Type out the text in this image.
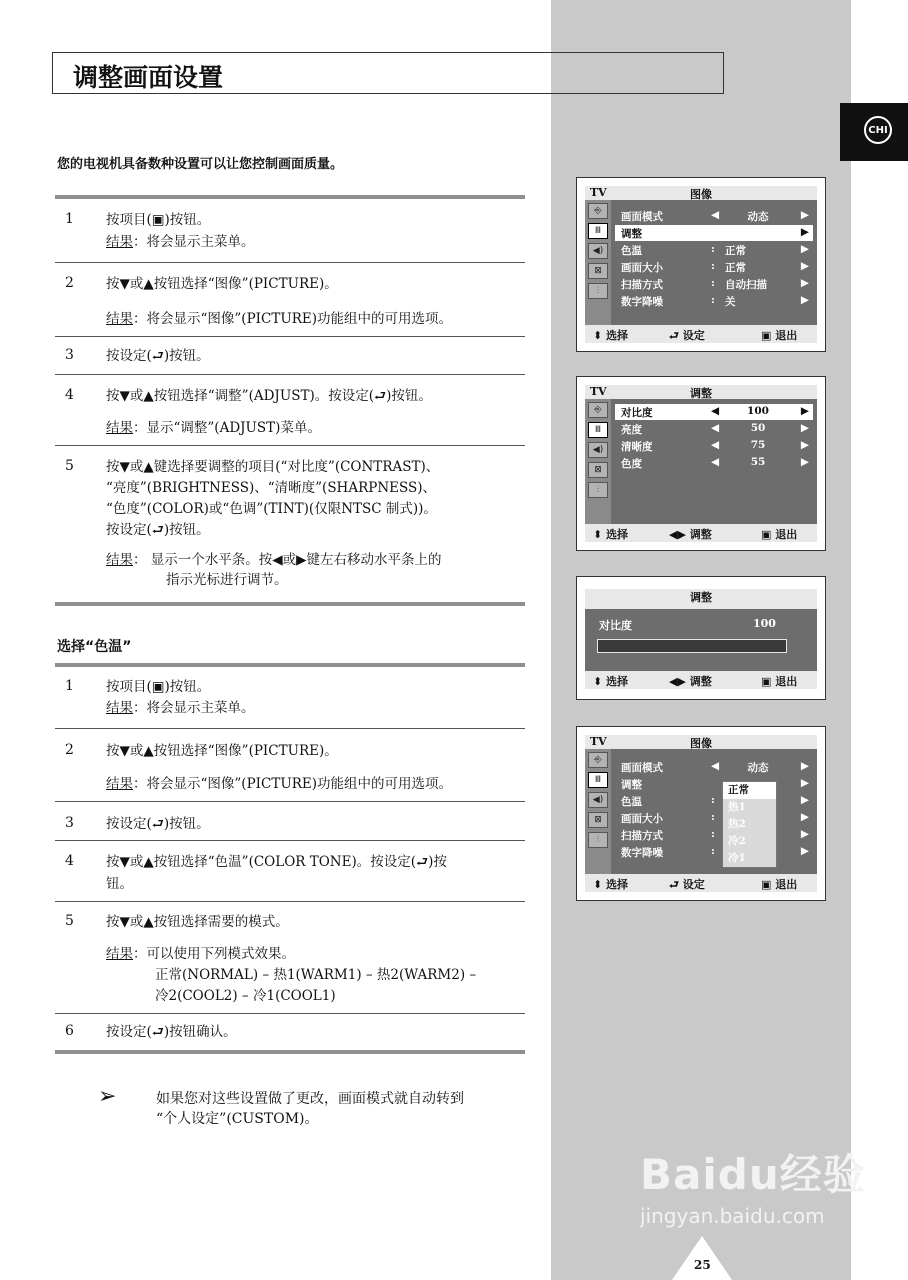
CHI
调整画面设置
您的电视机具备数种设置可以让您控制画面质量。
1 按项目(▣)按钮。
结果：将会显示主菜单。
2 按▼或▲按钮选择“图像”(PICTURE)。
结果：将会显示“图像”(PICTURE)功能组中的可用选项。
3 按设定(⮐)按钮。
4 按▼或▲按钮选择“调整”(ADJUST)。按设定(⮐)按钮。
结果：显示“调整”(ADJUST)菜单。
5 按▼或▲键选择要调整的项目(“对比度”(CONTRAST)、
“亮度”(BRIGHTNESS)、“清晰度”(SHARPNESS)、
“色度”(COLOR)或“色调”(TINT)(仅限NTSC 制式))。
按设定(⮐)按钮。
结果： 显示一个水平条。按◀或▶键左右移动水平条上的
指示光标进行调节。
选择“色温”
1 按项目(▣)按钮。
结果：将会显示主菜单。
2 按▼或▲按钮选择“图像”(PICTURE)。
结果：将会显示“图像”(PICTURE)功能组中的可用选项。
3 按设定(⮐)按钮。
4 按▼或▲按钮选择“色温”(COLOR TONE)。按设定(⮐)按
钮。
5 按▼或▲按钮选择需要的模式。
结果：可以使用下列模式效果。
正常(NORMAL) – 热1(WARM1) – 热2(WARM2) –
冷2(COOL2) – 冷1(COOL1)
6 按设定(⮐)按钮确认。
➢	如果您对这些设置做了更改，画面模式就自动转到
“个人设定”(CUSTOM)。
TV	图像
⎆
Ⅲ
◀)
⊠
⫶
画面模式	◀	动态	▶
调整	▶
色温	: 正常	▶
画面大小	: 正常	▶
扫描方式	: 自动扫描	▶
数字降噪	: 关	▶
⬍ 选择	⮐ 设定	▣ 退出
TV	调整
⎆
Ⅲ
◀)
⊠
⫶
对比度	◀	100	▶
亮度	◀	50	▶
清晰度	◀	75	▶
色度	◀	55	▶
⬍ 选择	◀▶ 调整	▣ 退出
调整
对比度	100
⬍ 选择	◀▶ 调整	▣ 退出
TV	图像
⎆
Ⅲ
◀)
⊠
⫶
画面模式	◀	动态	▶
调整	▶
色温	:	▶
画面大小	:	▶
扫描方式	:	▶
数字降噪	:	▶
正常
热1
热2
冷2
冷1
⬍ 选择	⮐ 设定	▣ 退出
Baidu经验
jingyan.baidu.com
25
